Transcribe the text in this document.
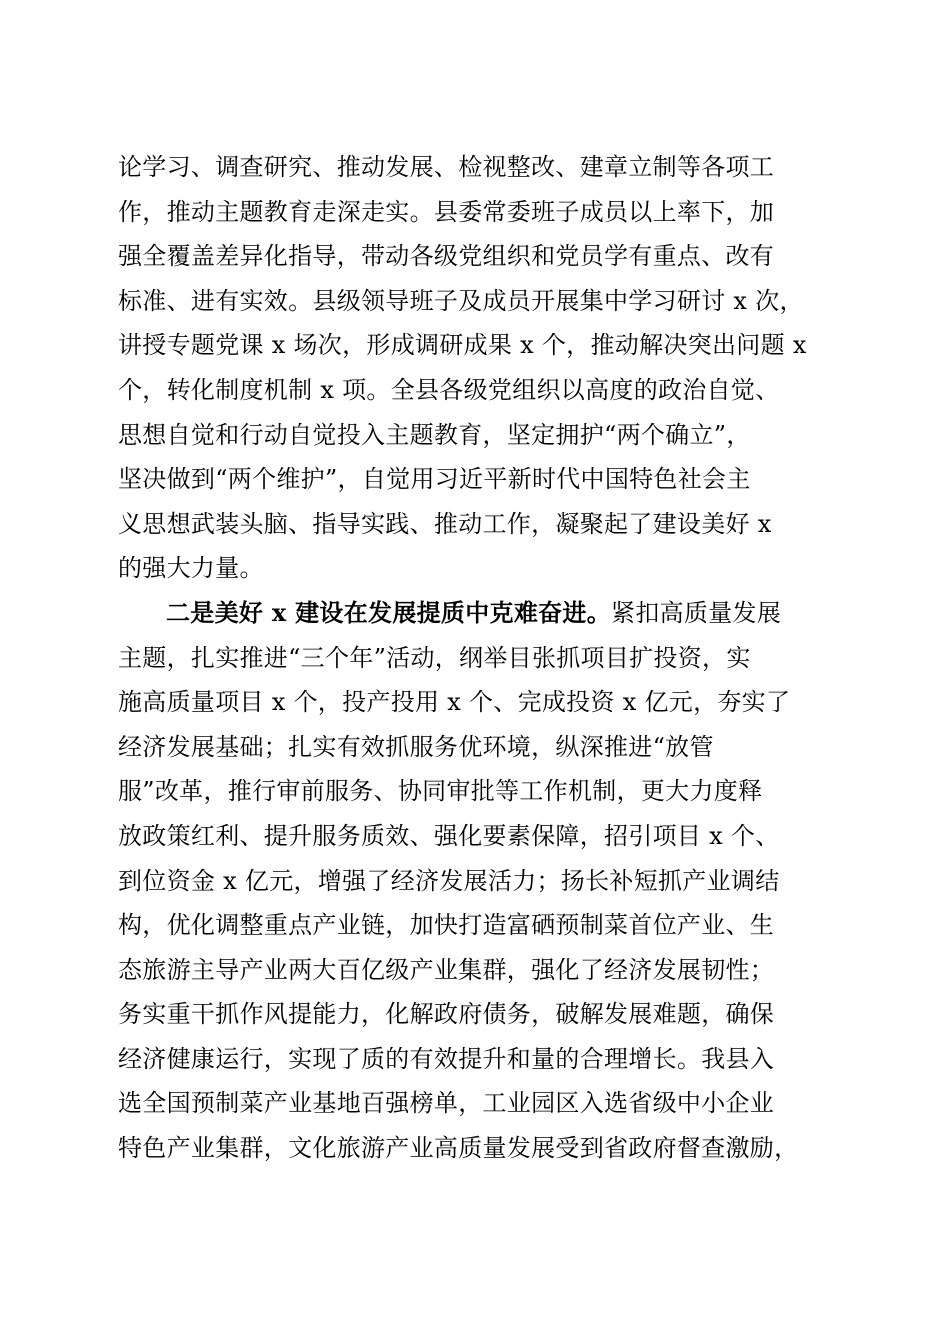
论学习、调查研究、推动发展、检视整改、建章立制等各项工
作，推动主题教育走深走实。县委常委班子成员以上率下，加
强全覆盖差异化指导，带动各级党组织和党员学有重点、改有
标准、进有实效。县级领导班子及成员开展集中学习研讨 x 次，
讲授专题党课 x 场次，形成调研成果 x 个，推动解决突出问题 x
个，转化制度机制 x 项。全县各级党组织以高度的政治自觉、
思想自觉和行动自觉投入主题教育，坚定拥护“两个确立”，
坚决做到“两个维护”，自觉用习近平新时代中国特色社会主
义思想武装头脑、指导实践、推动工作，凝聚起了建设美好 x
的强大力量。
二是美好 x 建设在发展提质中克难奋进。紧扣高质量发展
主题，扎实推进“三个年”活动，纲举目张抓项目扩投资，实
施高质量项目 x 个，投产投用 x 个、完成投资 x 亿元，夯实了
经济发展基础；扎实有效抓服务优环境，纵深推进“放管
服”改革，推行审前服务、协同审批等工作机制，更大力度释
放政策红利、提升服务质效、强化要素保障，招引项目 x 个、
到位资金 x 亿元，增强了经济发展活力；扬长补短抓产业调结
构，优化调整重点产业链，加快打造富硒预制菜首位产业、生
态旅游主导产业两大百亿级产业集群，强化了经济发展韧性；
务实重干抓作风提能力，化解政府债务，破解发展难题，确保
经济健康运行，实现了质的有效提升和量的合理增长。我县入
选全国预制菜产业基地百强榜单，工业园区入选省级中小企业
特色产业集群，文化旅游产业高质量发展受到省政府督查激励，
